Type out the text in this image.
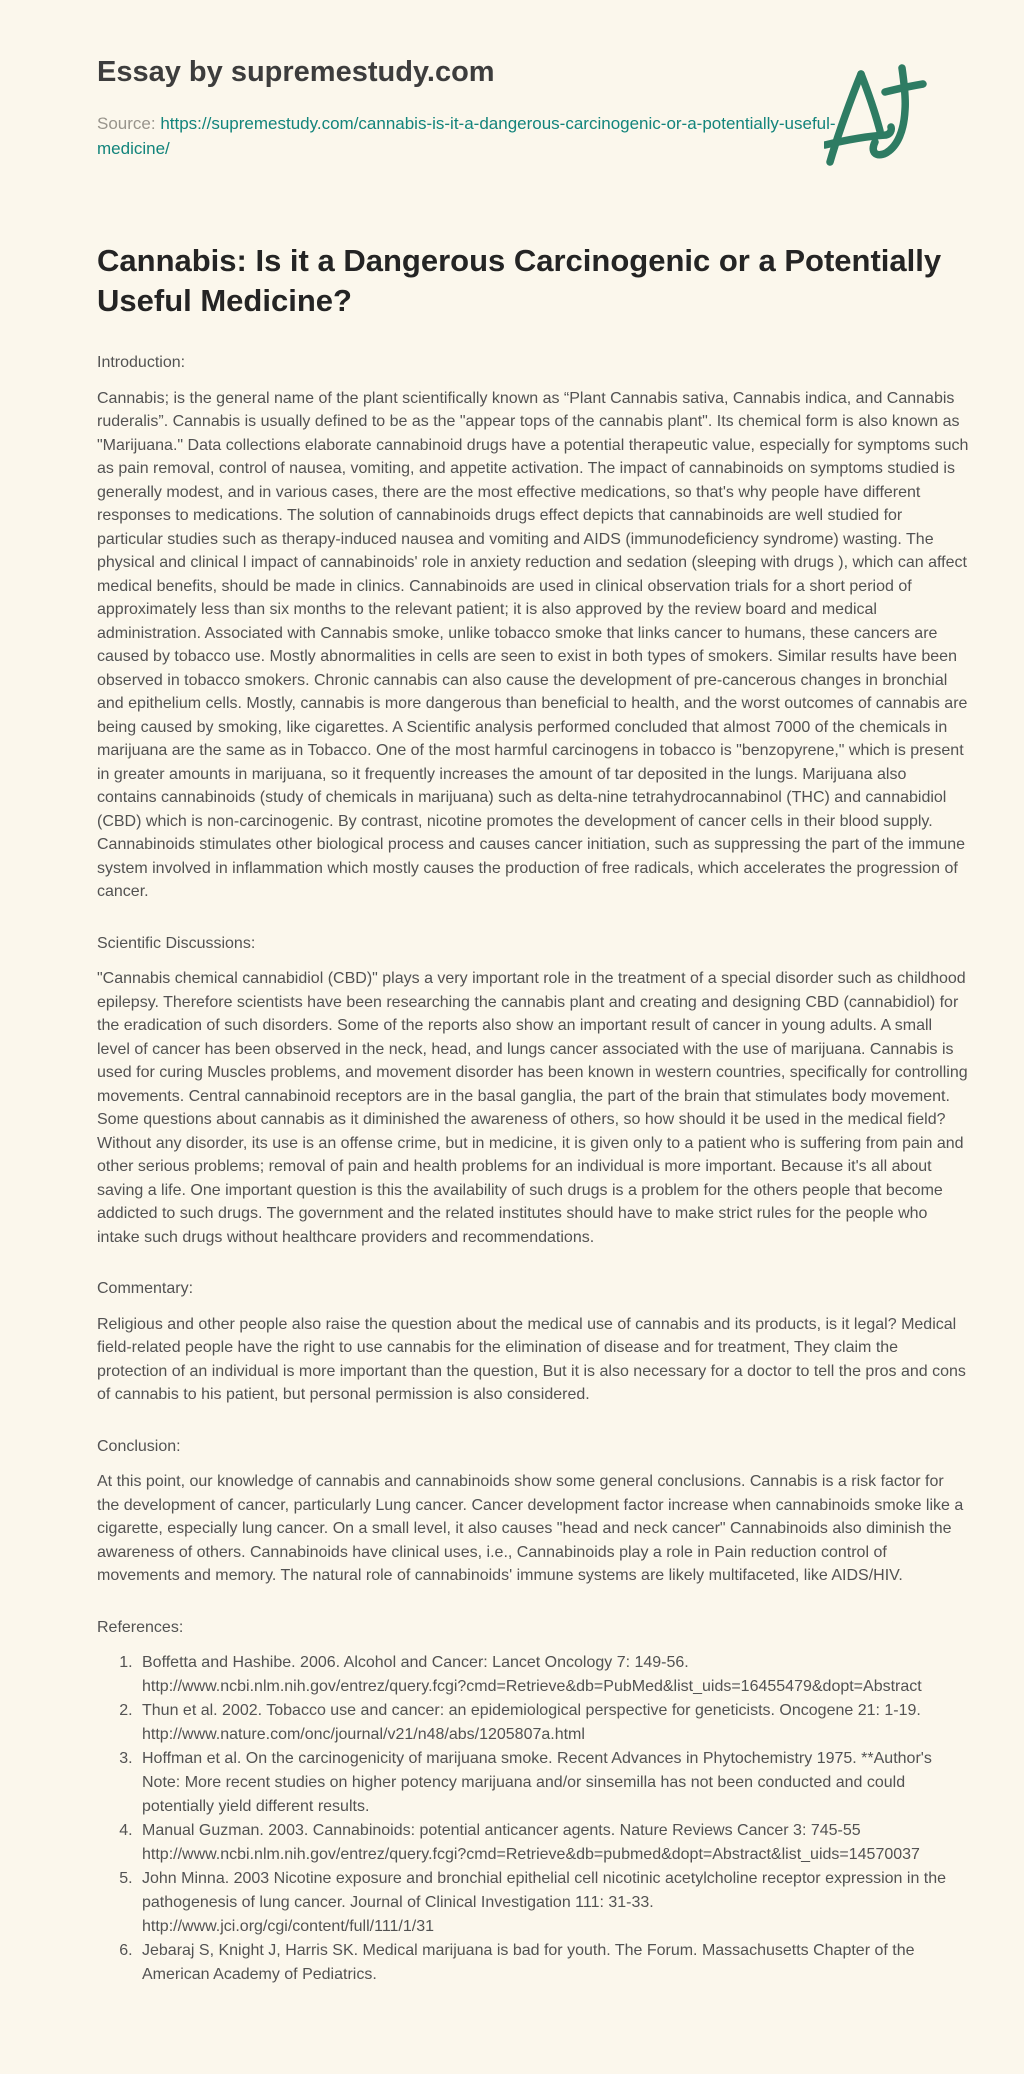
Essay by supremestudy.com

Source: https://supremestudy.com/cannabis-is-it-a-dangerous-carcinogenic-or-a-potentially-useful-medicine/

Cannabis: Is it a Dangerous Carcinogenic or a Potentially Useful Medicine?

Introduction:

Cannabis; is the general name of the plant scientifically known as “Plant Cannabis sativa, Cannabis indica, and Cannabis ruderalis”. Cannabis is usually defined to be as the "appear tops of the cannabis plant". Its chemical form is also known as "Marijuana." Data collections elaborate cannabinoid drugs have a potential therapeutic value, especially for symptoms such as pain removal, control of nausea, vomiting, and appetite activation. The impact of cannabinoids on symptoms studied is generally modest, and in various cases, there are the most effective medications, so that's why people have different responses to medications. The solution of cannabinoids drugs effect depicts that cannabinoids are well studied for particular studies such as therapy-induced nausea and vomiting and AIDS (immunodeficiency syndrome) wasting. The physical and clinical l impact of cannabinoids' role in anxiety reduction and sedation (sleeping with drugs ), which can affect medical benefits, should be made in clinics. Cannabinoids are used in clinical observation trials for a short period of approximately less than six months to the relevant patient; it is also approved by the review board and medical administration. Associated with Cannabis smoke, unlike tobacco smoke that links cancer to humans, these cancers are caused by tobacco use. Mostly abnormalities in cells are seen to exist in both types of smokers. Similar results have been observed in tobacco smokers. Chronic cannabis can also cause the development of pre-cancerous changes in bronchial and epithelium cells. Mostly, cannabis is more dangerous than beneficial to health, and the worst outcomes of cannabis are being caused by smoking, like cigarettes. A Scientific analysis performed concluded that almost 7000 of the chemicals in marijuana are the same as in Tobacco. One of the most harmful carcinogens in tobacco is "benzopyrene," which is present in greater amounts in marijuana, so it frequently increases the amount of tar deposited in the lungs. Marijuana also contains cannabinoids (study of chemicals in marijuana) such as delta-nine tetrahydrocannabinol (THC) and cannabidiol (CBD) which is non-carcinogenic. By contrast, nicotine promotes the development of cancer cells in their blood supply. Cannabinoids stimulates other biological process and causes cancer initiation, such as suppressing the part of the immune system involved in inflammation which mostly causes the production of free radicals, which accelerates the progression of cancer.

Scientific Discussions:

"Cannabis chemical cannabidiol (CBD)" plays a very important role in the treatment of a special disorder such as childhood epilepsy. Therefore scientists have been researching the cannabis plant and creating and designing CBD (cannabidiol) for the eradication of such disorders. Some of the reports also show an important result of cancer in young adults. A small level of cancer has been observed in the neck, head, and lungs cancer associated with the use of marijuana. Cannabis is used for curing Muscles problems, and movement disorder has been known in western countries, specifically for controlling movements. Central cannabinoid receptors are in the basal ganglia, the part of the brain that stimulates body movement. Some questions about cannabis as it diminished the awareness of others, so how should it be used in the medical field? Without any disorder, its use is an offense crime, but in medicine, it is given only to a patient who is suffering from pain and other serious problems; removal of pain and health problems for an individual is more important. Because it's all about saving a life. One important question is this the availability of such drugs is a problem for the others people that become addicted to such drugs. The government and the related institutes should have to make strict rules for the people who intake such drugs without healthcare providers and recommendations.

Commentary:

Religious and other people also raise the question about the medical use of cannabis and its products, is it legal? Medical field-related people have the right to use cannabis for the elimination of disease and for treatment, They claim the protection of an individual is more important than the question, But it is also necessary for a doctor to tell the pros and cons of cannabis to his patient, but personal permission is also considered.

Conclusion:

At this point, our knowledge of cannabis and cannabinoids show some general conclusions. Cannabis is a risk factor for the development of cancer, particularly Lung cancer. Cancer development factor increase when cannabinoids smoke like a cigarette, especially lung cancer. On a small level, it also causes "head and neck cancer" Cannabinoids also diminish the awareness of others. Cannabinoids have clinical uses, i.e., Cannabinoids play a role in Pain reduction control of movements and memory. The natural role of cannabinoids' immune systems are likely multifaceted, like AIDS/HIV.

References:

1. Boffetta and Hashibe. 2006. Alcohol and Cancer: Lancet Oncology 7: 149-56.
http://www.ncbi.nlm.nih.gov/entrez/query.fcgi?cmd=Retrieve&db=PubMed&list_uids=16455479&dopt=Abstract
2. Thun et al. 2002. Tobacco use and cancer: an epidemiological perspective for geneticists. Oncogene 21: 1-19.
http://www.nature.com/onc/journal/v21/n48/abs/1205807a.html
3. Hoffman et al. On the carcinogenicity of marijuana smoke. Recent Advances in Phytochemistry 1975. **Author's Note: More recent studies on higher potency marijuana and/or sinsemilla has not been conducted and could potentially yield different results.
4. Manual Guzman. 2003. Cannabinoids: potential anticancer agents. Nature Reviews Cancer 3: 745-55
http://www.ncbi.nlm.nih.gov/entrez/query.fcgi?cmd=Retrieve&db=pubmed&dopt=Abstract&list_uids=14570037
5. John Minna. 2003 Nicotine exposure and bronchial epithelial cell nicotinic acetylcholine receptor expression in the pathogenesis of lung cancer. Journal of Clinical Investigation 111: 31-33.
http://www.jci.org/cgi/content/full/111/1/31
6. Jebaraj S, Knight J, Harris SK. Medical marijuana is bad for youth. The Forum. Massachusetts Chapter of the American Academy of Pediatrics.
